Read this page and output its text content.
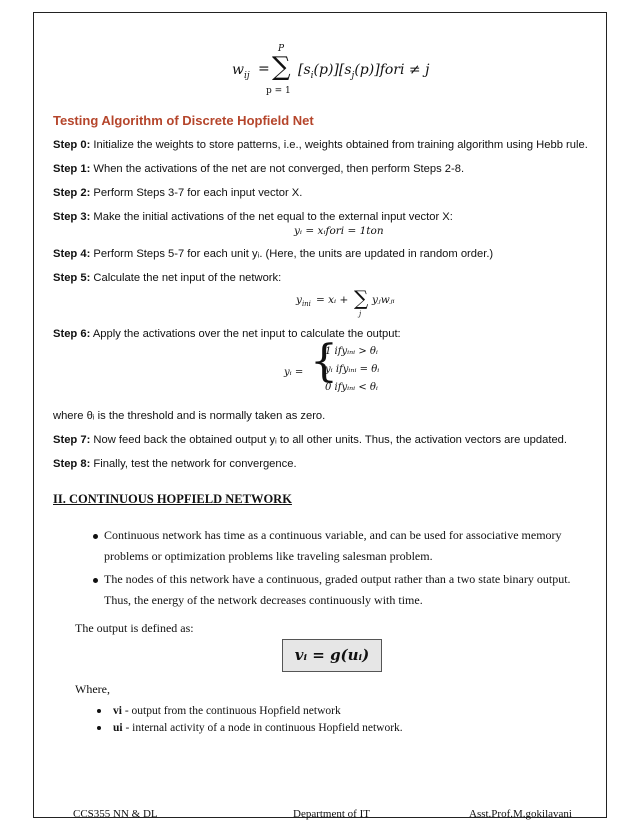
$w_{ij}$ =
P
∑
p = 1
$[s_i(p)][s_j(p)]fori \ne j$
Testing Algorithm of Discrete Hopfield Net
Step 0: Initialize the weights to store patterns, i.e., weights obtained from training algorithm using Hebb rule.
Step 1: When the activations of the net are not converged, then perform Steps 2-8.
Step 2: Perform Steps 3-7 for each input vector X.
Step 3: Make the initial activations of the net equal to the external input vector X:
yᵢ = xᵢfori = 1ton
Step 4: Perform Steps 5-7 for each unit yᵢ. (Here, the units are updated in random order.)
Step 5: Calculate the net input of the network:
$y_{ini}$ = xᵢ + ∑
j
yⱼwⱼᵢ
Step 6: Apply the activations over the net input to calculate the output:
yᵢ = {
1 ifyᵢₙᵢ > θᵢ
yᵢ ifyᵢₙᵢ = θᵢ
0 ifyᵢₙᵢ < θᵢ
where θᵢ is the threshold and is normally taken as zero.
Step 7: Now feed back the obtained output yᵢ to all other units. Thus, the activation vectors are updated.
Step 8: Finally, test the network for convergence.
II. CONTINUOUS HOPFIELD NETWORK
Continuous network has time as a continuous variable, and can be used for associative memory
problems or optimization problems like traveling salesman problem.
The nodes of this network have a continuous, graded output rather than a two state binary output.
Thus, the energy of the network decreases continuously with time.
The output is defined as:
vᵢ = g(uᵢ)
Where,
vi - output from the continuous Hopfield network
ui - internal activity of a node in continuous Hopfield network.
CCS355 NN & DL	Department of IT	Asst.Prof.M.gokilavani
